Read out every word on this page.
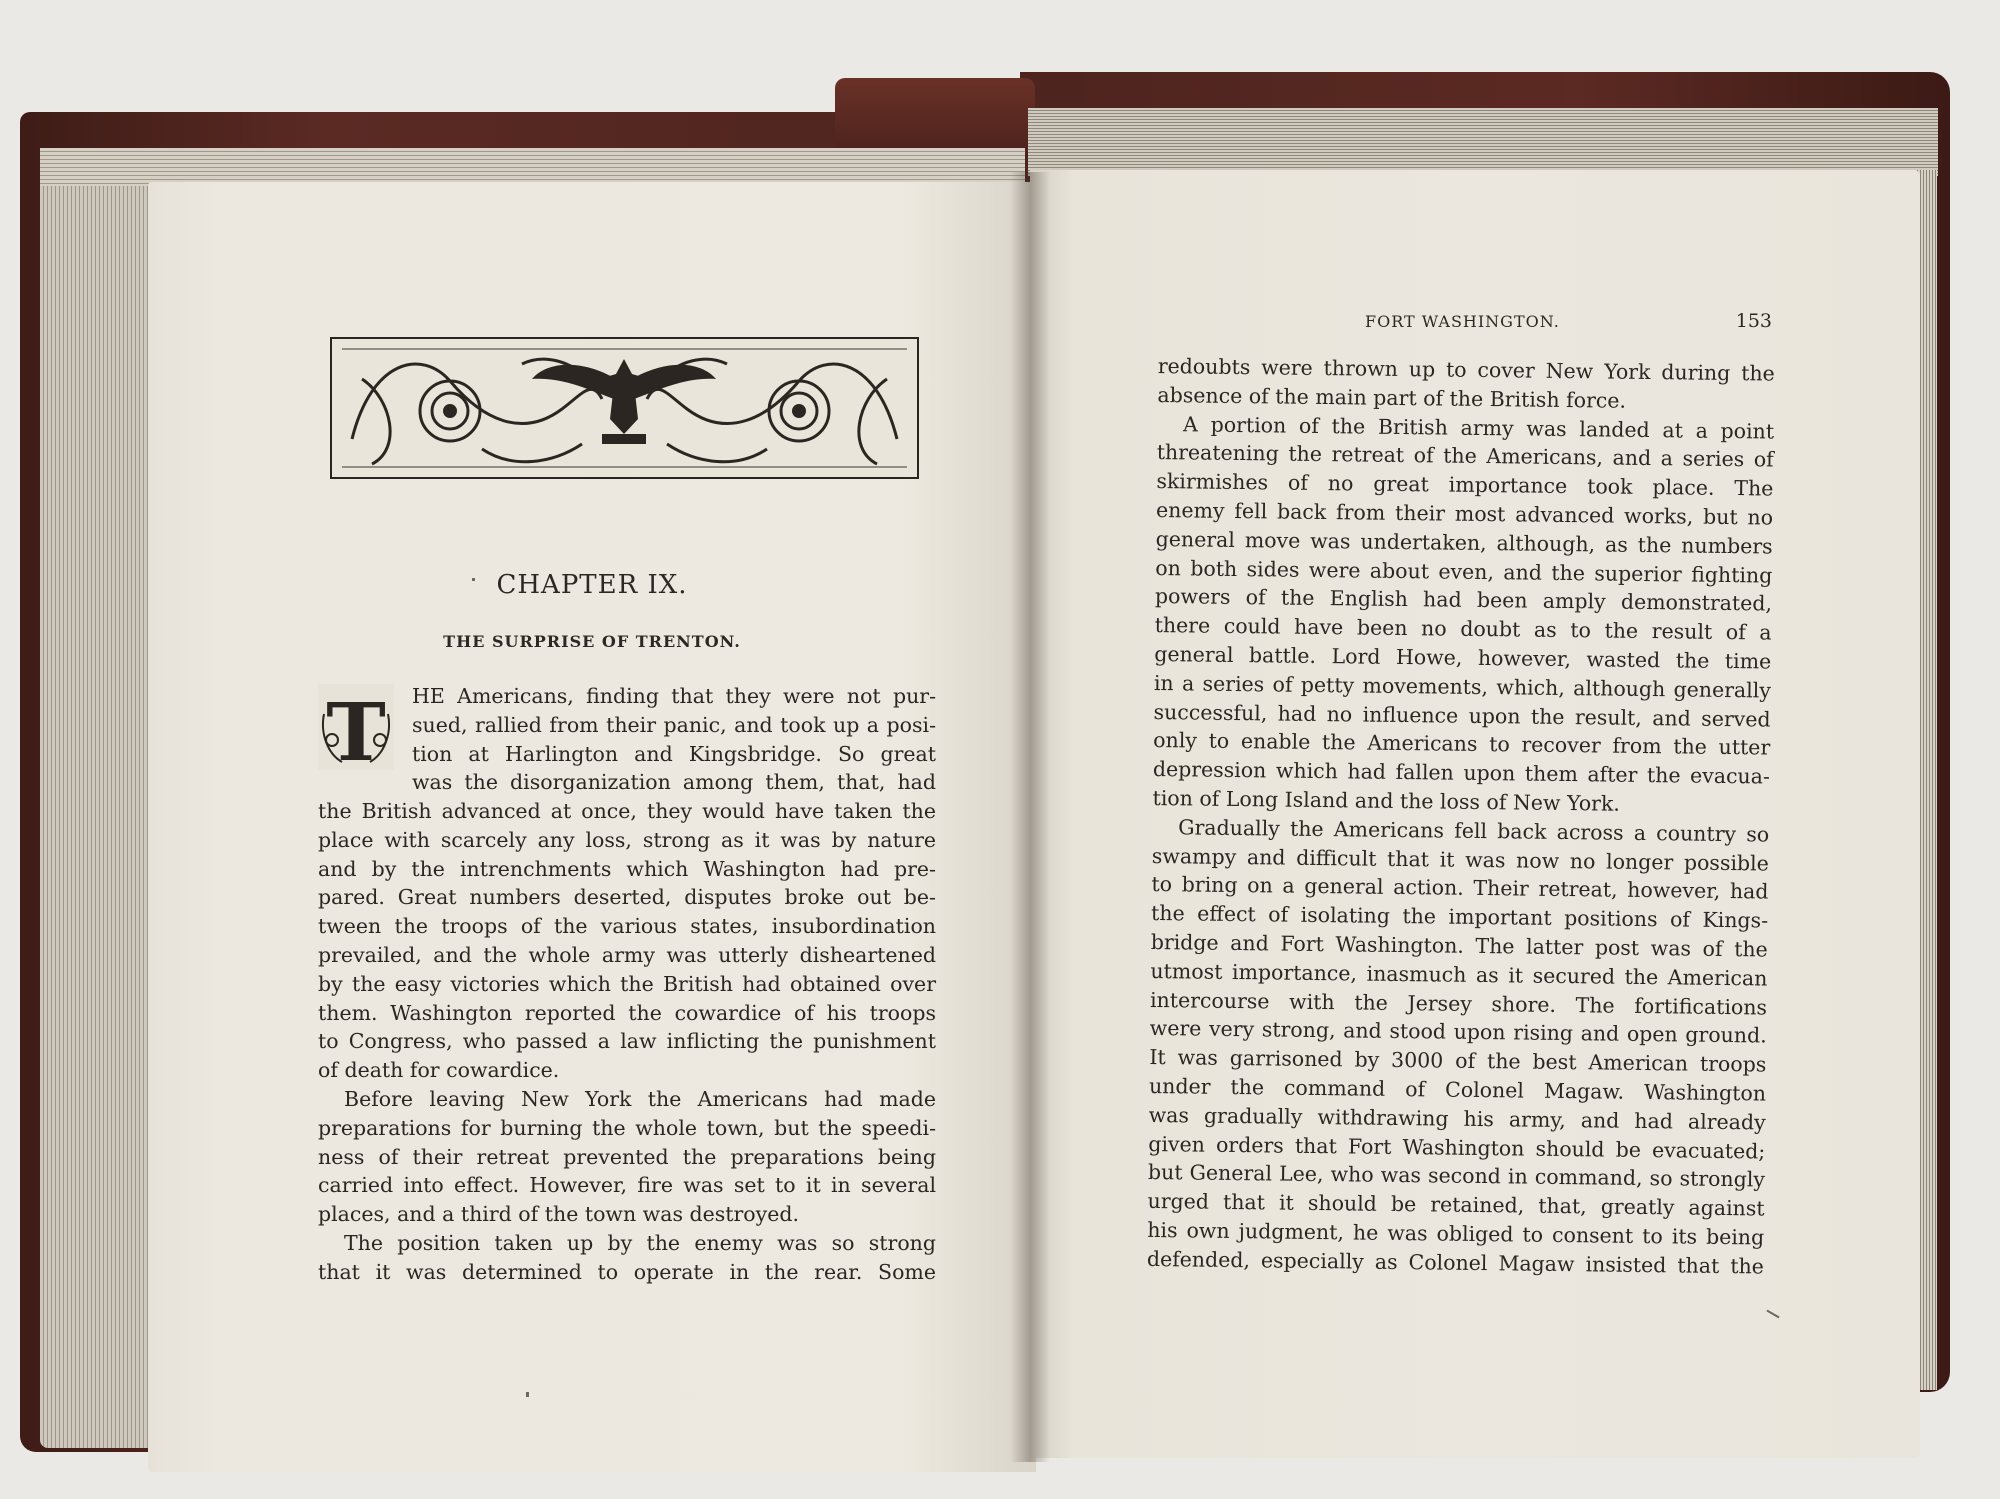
CHAPTER IX.
THE SURPRISE OF TRENTON.
T HE Americans, finding that they were not pur-
sued, rallied from their panic, and took up a posi-
tion at Harlington and Kingsbridge. So great
was the disorganization among them, that, had
the British advanced at once, they would have taken the
place with scarcely any loss, strong as it was by nature
and by the intrenchments which Washington had pre-
pared. Great numbers deserted, disputes broke out be-
tween the troops of the various states, insubordination
prevailed, and the whole army was utterly disheartened
by the easy victories which the British had obtained over
them. Washington reported the cowardice of his troops
to Congress, who passed a law inflicting the punishment
of death for cowardice.
Before leaving New York the Americans had made
preparations for burning the whole town, but the speedi-
ness of their retreat prevented the preparations being
carried into effect. However, fire was set to it in several
places, and a third of the town was destroyed.
The position taken up by the enemy was so strong
that it was determined to operate in the rear. Some
FORT WASHINGTON.	153
redoubts were thrown up to cover New York during the
absence of the main part of the British force.
A portion of the British army was landed at a point
threatening the retreat of the Americans, and a series of
skirmishes of no great importance took place. The
enemy fell back from their most advanced works, but no
general move was undertaken, although, as the numbers
on both sides were about even, and the superior fighting
powers of the English had been amply demonstrated,
there could have been no doubt as to the result of a
general battle. Lord Howe, however, wasted the time
in a series of petty movements, which, although generally
successful, had no influence upon the result, and served
only to enable the Americans to recover from the utter
depression which had fallen upon them after the evacua-
tion of Long Island and the loss of New York.
Gradually the Americans fell back across a country so
swampy and difficult that it was now no longer possible
to bring on a general action. Their retreat, however, had
the effect of isolating the important positions of Kings-
bridge and Fort Washington. The latter post was of the
utmost importance, inasmuch as it secured the American
intercourse with the Jersey shore. The fortifications
were very strong, and stood upon rising and open ground.
It was garrisoned by 3000 of the best American troops
under the command of Colonel Magaw. Washington
was gradually withdrawing his army, and had already
given orders that Fort Washington should be evacuated;
but General Lee, who was second in command, so strongly
urged that it should be retained, that, greatly against
his own judgment, he was obliged to consent to its being
defended, especially as Colonel Magaw insisted that the
